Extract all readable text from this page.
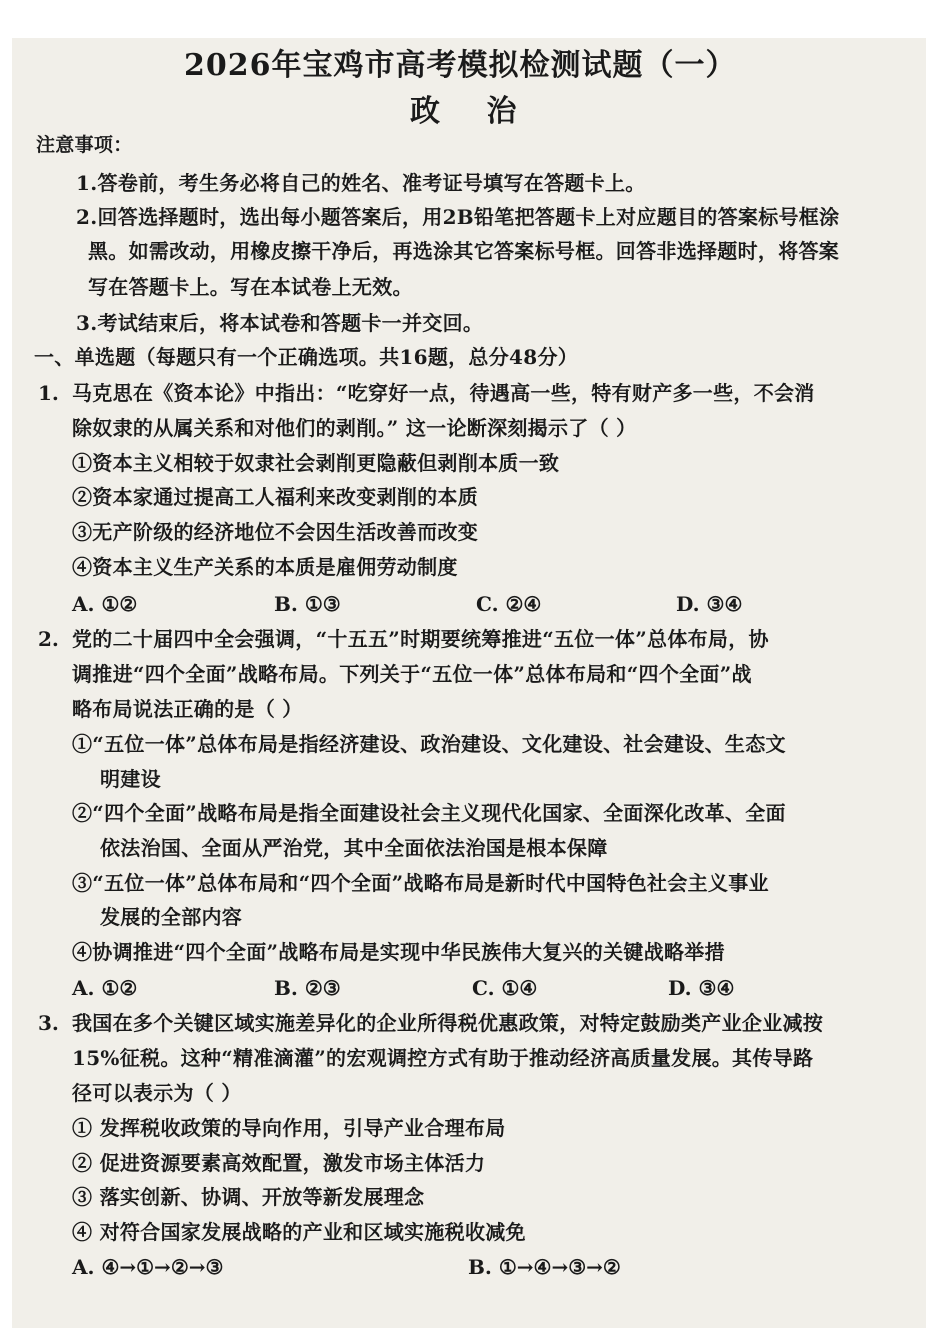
2026年宝鸡市高考模拟检测试题（一）
政 治
注意事项：
1.答卷前，考生务必将自己的姓名、准考证号填写在答题卡上。
2.回答选择题时，选出每小题答案后，用2B铅笔把答题卡上对应题目的答案标号框涂
黑。如需改动，用橡皮擦干净后，再选涂其它答案标号框。回答非选择题时，将答案
写在答题卡上。写在本试卷上无效。
3.考试结束后，将本试卷和答题卡一并交回。
一、单选题（每题只有一个正确选项。共16题，总分48分）
1. 马克思在《资本论》中指出：“吃穿好一点，待遇高一些，特有财产多一些，不会消
除奴隶的从属关系和对他们的剥削。” 这一论断深刻揭示了（ ）
①资本主义相较于奴隶社会剥削更隐蔽但剥削本质一致
②资本家通过提高工人福利来改变剥削的本质
③无产阶级的经济地位不会因生活改善而改变
④资本主义生产关系的本质是雇佣劳动制度
A. ①②	B. ①③	C. ②④	D. ③④
2. 党的二十届四中全会强调，“十五五”时期要统筹推进“五位一体”总体布局，协
调推进“四个全面”战略布局。下列关于“五位一体”总体布局和“四个全面”战
略布局说法正确的是（ ）
①“五位一体”总体布局是指经济建设、政治建设、文化建设、社会建设、生态文
明建设
②“四个全面”战略布局是指全面建设社会主义现代化国家、全面深化改革、全面
依法治国、全面从严治党，其中全面依法治国是根本保障
③“五位一体”总体布局和“四个全面”战略布局是新时代中国特色社会主义事业
发展的全部内容
④协调推进“四个全面”战略布局是实现中华民族伟大复兴的关键战略举措
A. ①②	B. ②③	C. ①④	D. ③④
3. 我国在多个关键区域实施差异化的企业所得税优惠政策，对特定鼓励类产业企业减按
15%征税。这种“精准滴灌”的宏观调控方式有助于推动经济高质量发展。其传导路
径可以表示为（ ）
① 发挥税收政策的导向作用，引导产业合理布局
② 促进资源要素高效配置，激发市场主体活力
③ 落实创新、协调、开放等新发展理念
④ 对符合国家发展战略的产业和区域实施税收减免
A. ④→①→②→③	B. ①→④→③→②
